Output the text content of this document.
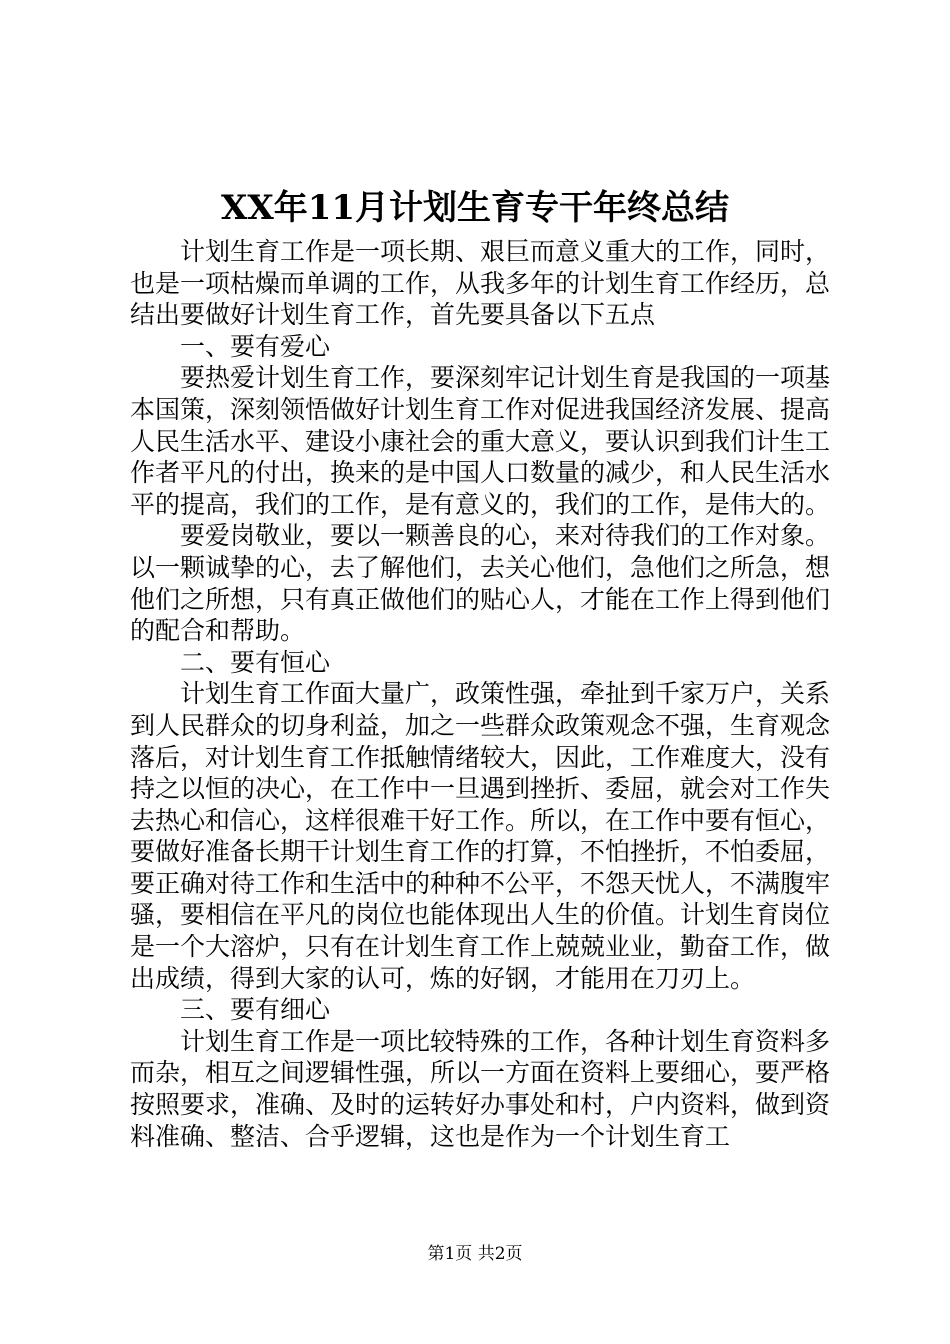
XX年11月计划生育专干年终总结

计划生育工作是一项长期、艰巨而意义重大的工作，同时，也是一项枯燥而单调的工作，从我多年的计划生育工作经历，总结出要做好计划生育工作，首先要具备以下五点

一、要有爱心

要热爱计划生育工作，要深刻牢记计划生育是我国的一项基本国策，深刻领悟做好计划生育工作对促进我国经济发展、提高人民生活水平、建设小康社会的重大意义，要认识到我们计生工作者平凡的付出，换来的是中国人口数量的减少，和人民生活水平的提高，我们的工作，是有意义的，我们的工作，是伟大的。

要爱岗敬业，要以一颗善良的心，来对待我们的工作对象。以一颗诚挚的心，去了解他们，去关心他们，急他们之所急，想他们之所想，只有真正做他们的贴心人，才能在工作上得到他们的配合和帮助。

二、要有恒心

计划生育工作面大量广，政策性强，牵扯到千家万户，关系到人民群众的切身利益，加之一些群众政策观念不强，生育观念落后，对计划生育工作抵触情绪较大，因此，工作难度大，没有持之以恒的决心，在工作中一旦遇到挫折、委屈，就会对工作失去热心和信心，这样很难干好工作。所以，在工作中要有恒心，要做好准备长期干计划生育工作的打算，不怕挫折，不怕委屈，要正确对待工作和生活中的种种不公平，不怨天忧人，不满腹牢骚，要相信在平凡的岗位也能体现出人生的价值。计划生育岗位是一个大溶炉，只有在计划生育工作上兢兢业业，勤奋工作，做出成绩，得到大家的认可，炼的好钢，才能用在刀刃上。

三、要有细心

计划生育工作是一项比较特殊的工作，各种计划生育资料多而杂，相互之间逻辑性强，所以一方面在资料上要细心，要严格按照要求，准确、及时的运转好办事处和村，户内资料，做到资料准确、整洁、合乎逻辑，这也是作为一个计划生育工

第1页 共2页
